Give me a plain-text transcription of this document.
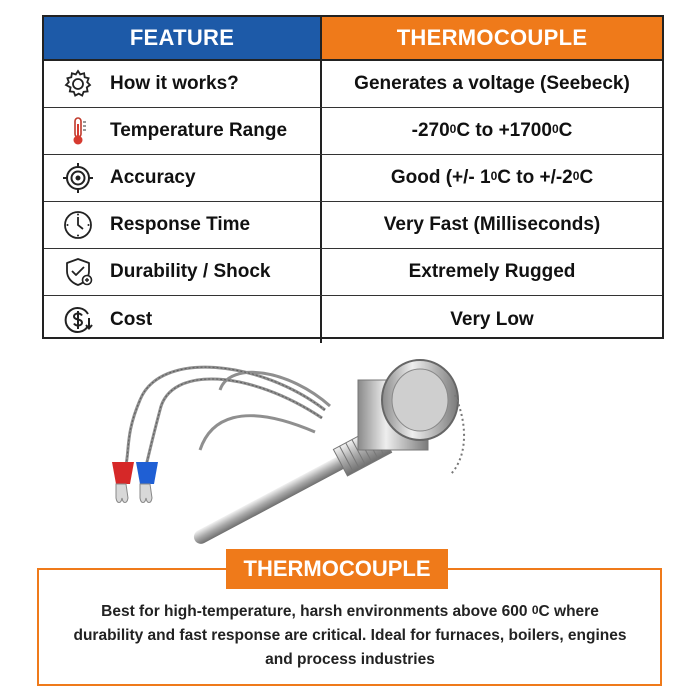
FEATURE	THERMOCOUPLE
How it works?	Generates a voltage (Seebeck)
Temperature Range	-270 $^0$ C to +1700 $^0$ C
Accuracy	Good (+/- 1 $^0$ C to +/-2 $^0$ C
Response Time	Very Fast (Milliseconds)
Durability / Shock	Extremely Rugged
Cost	Very Low
THERMOCOUPLE
Best for high-temperature, harsh environments above 600 $^0$C where
durability and fast response are critical. Ideal for furnaces, boilers, engines
and process industries
